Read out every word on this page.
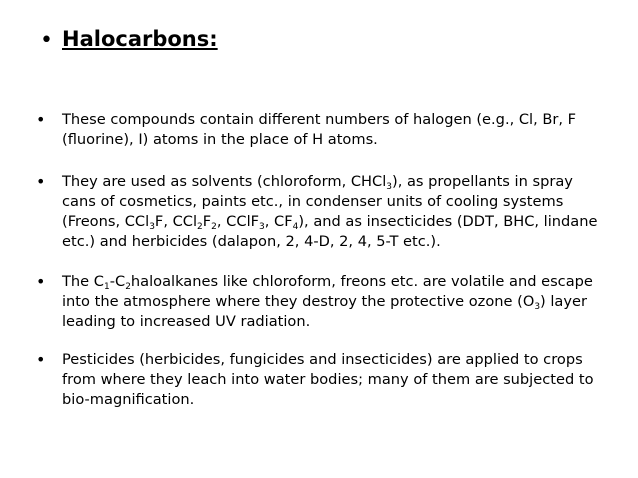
• Halocarbons:
• These compounds contain different numbers of halogen (e.g., Cl, Br, F
(fluorine), I) atoms in the place of H atoms.
• They are used as solvents (chloroform, CHCl$_3$), as propellants in spray
cans of cosmetics, paints etc., in condenser units of cooling systems
(Freons, CCl$_3$F, $CCl_2F_2$, CClF$_3$, $CF_4$), and as insecticides (DDT, BHC, lindane
etc.) and herbicides (dalapon, 2, 4-D, 2, 4, 5-T etc.).
• The $C_1-C_2haloalkanes$ like chloroform, freons etc. are volatile and escape
into the atmosphere where they destroy the protective ozone $(O_3)$ layer
leading to increased UV radiation.
• Pesticides (herbicides, fungicides and insecticides) are applied to crops
from where they leach into water bodies; many of them are subjected to
bio-magnification.
